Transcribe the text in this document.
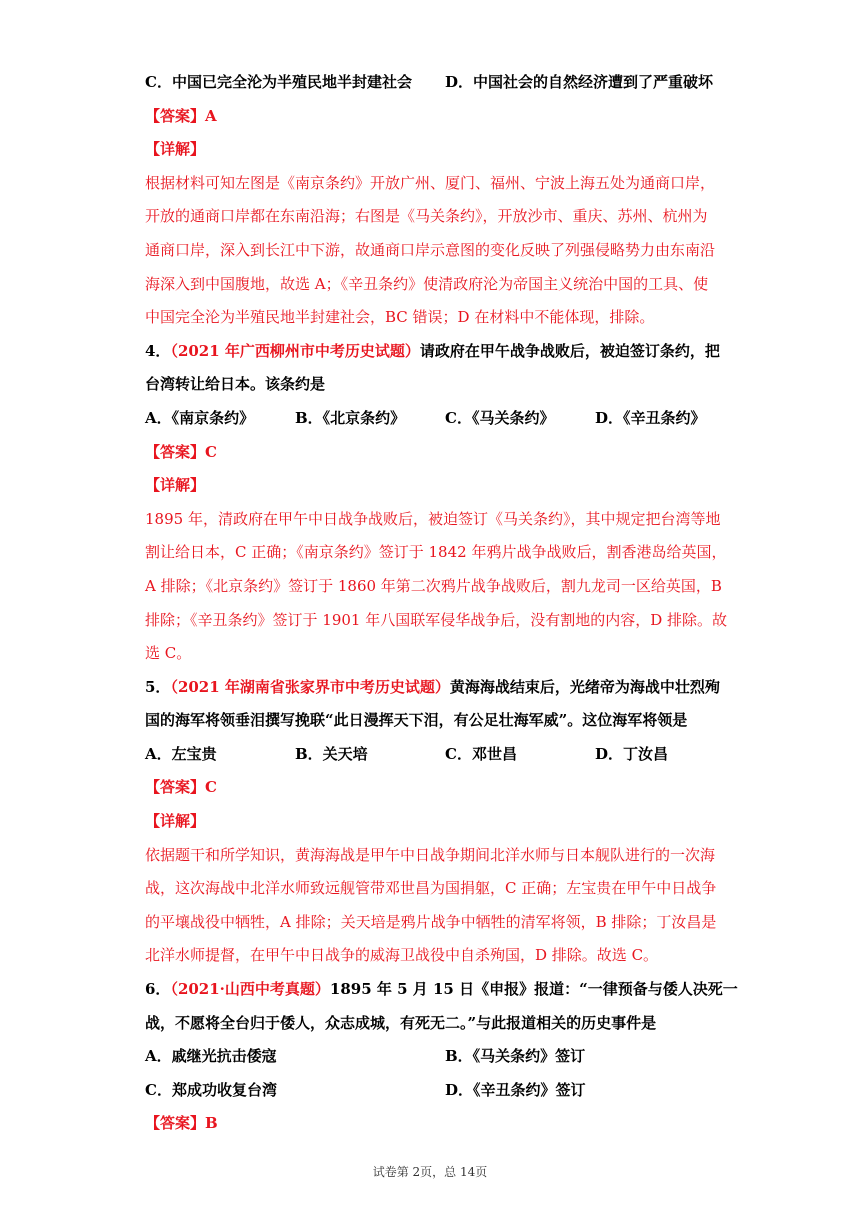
C．中国已完全沦为半殖民地半封建社会	D．中国社会的自然经济遭到了严重破坏
【答案】A
【详解】
根据材料可知左图是《南京条约》开放广州、厦门、福州、宁波上海五处为通商口岸，
开放的通商口岸都在东南沿海；右图是《马关条约》，开放沙市、重庆、苏州、杭州为
通商口岸，深入到长江中下游，故通商口岸示意图的变化反映了列强侵略势力由东南沿
海深入到中国腹地，故选 A；《辛丑条约》使清政府沦为帝国主义统治中国的工具、使
中国完全沦为半殖民地半封建社会，BC 错误；D 在材料中不能体现，排除。
4．（2021 年广西柳州市中考历史试题）请政府在甲午战争战败后，被迫签订条约，把
台湾转让给日本。该条约是
A．《南京条约》	B．《北京条约》	C．《马关条约》	D．《辛丑条约》
【答案】C
【详解】
1895 年，清政府在甲午中日战争战败后，被迫签订《马关条约》，其中规定把台湾等地
割让给日本，C 正确；《南京条约》签订于 1842 年鸦片战争战败后，割香港岛给英国，
A 排除；《北京条约》签订于 1860 年第二次鸦片战争战败后，割九龙司一区给英国，B
排除；《辛丑条约》签订于 1901 年八国联军侵华战争后，没有割地的内容，D 排除。故
选 C。
5．（2021 年湖南省张家界市中考历史试题）黄海海战结束后，光绪帝为海战中壮烈殉
国的海军将领垂泪撰写挽联“此日漫挥天下泪，有公足壮海军威”。这位海军将领是
A．左宝贵	B．关天培	C．邓世昌	D．丁汝昌
【答案】C
【详解】
依据题干和所学知识，黄海海战是甲午中日战争期间北洋水师与日本舰队进行的一次海
战，这次海战中北洋水师致远舰管带邓世昌为国捐躯，C 正确；左宝贵在甲午中日战争
的平壤战役中牺牲，A 排除；关天培是鸦片战争中牺牲的清军将领，B 排除；丁汝昌是
北洋水师提督，在甲午中日战争的威海卫战役中自杀殉国，D 排除。故选 C。
6．（2021·山西中考真题）1895 年 5 月 15 日《申报》报道：“一律预备与倭人决死一
战，不愿将全台归于倭人，众志成城，有死无二。”与此报道相关的历史事件是
A．戚继光抗击倭寇	B．《马关条约》签订
C．郑成功收复台湾	D．《辛丑条约》签订
【答案】B
试卷第 2页，总 14页
